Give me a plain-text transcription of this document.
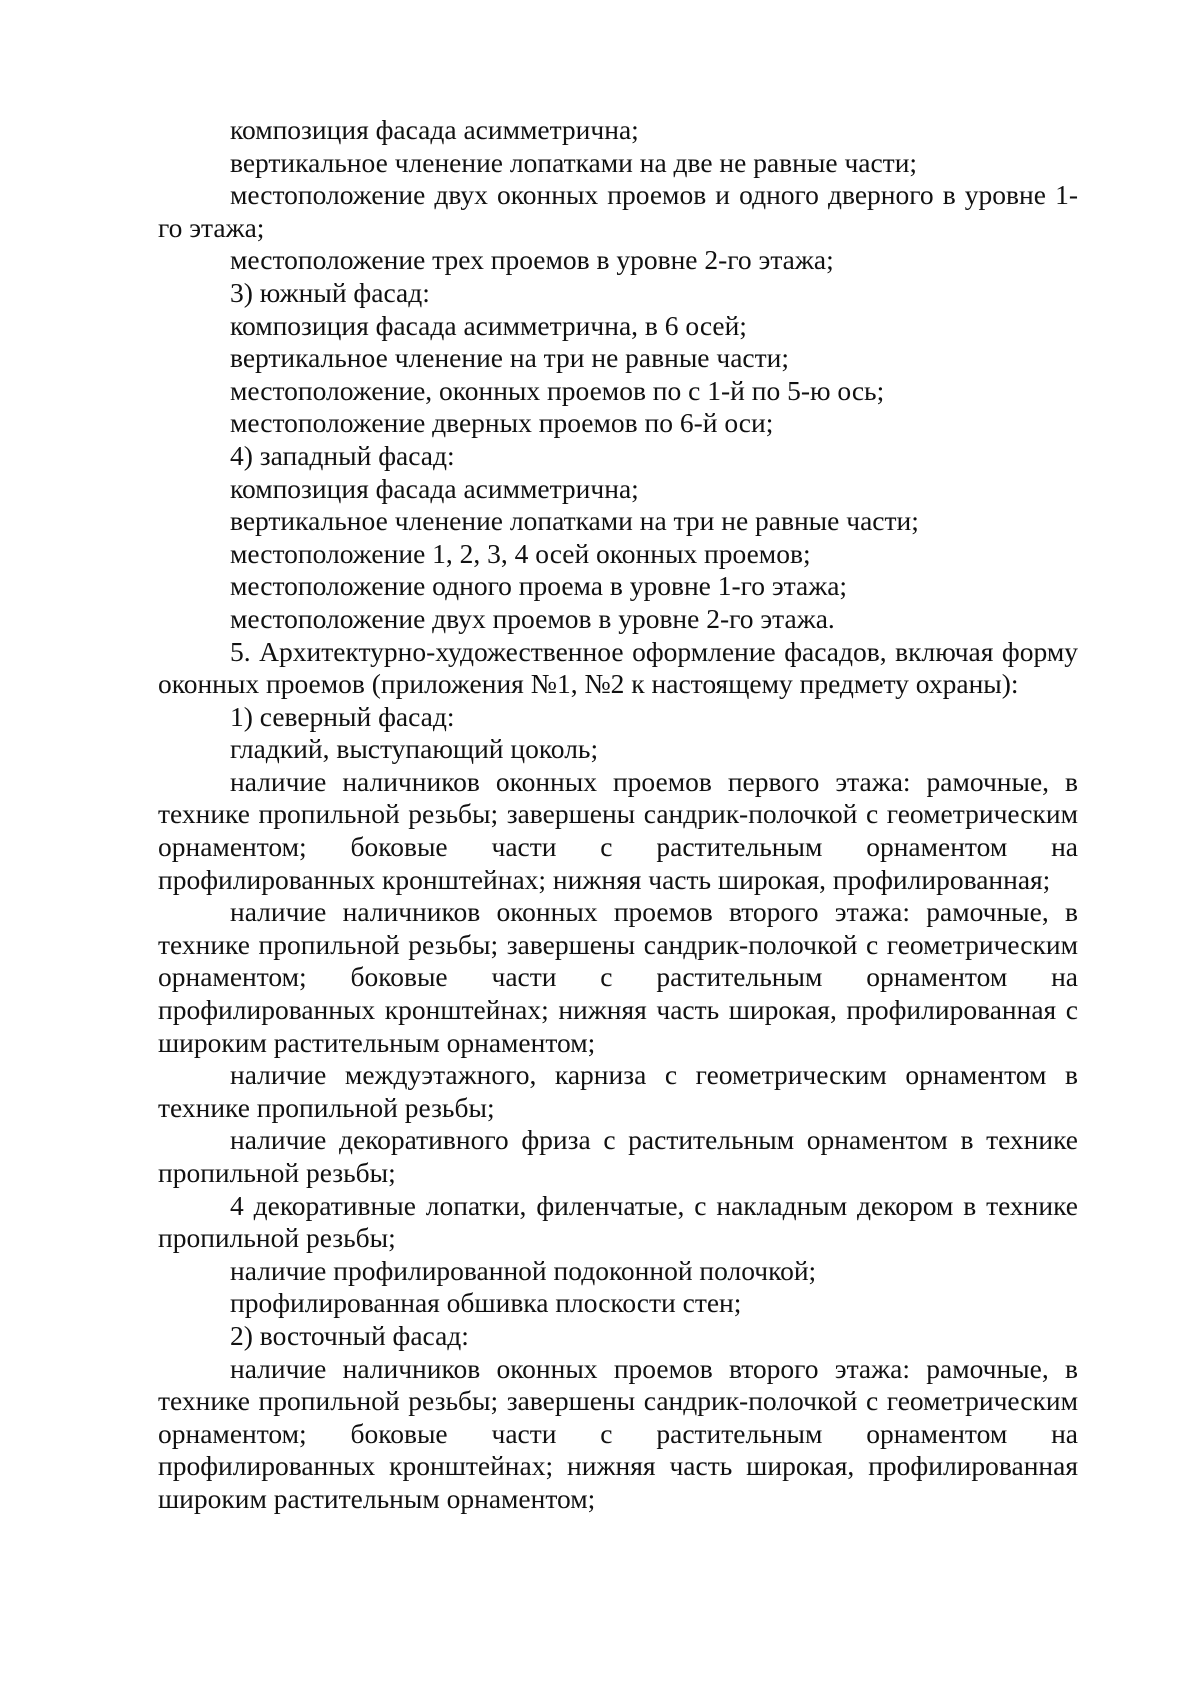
композиция фасада асимметрична;

вертикальное членение лопатками на две не равные части;

местоположение двух оконных проемов и одного дверного в уровне 1-го этажа;

местоположение трех проемов в уровне 2-го этажа;

3) южный фасад:

композиция фасада асимметрична, в 6 осей;

вертикальное членение на три не равные части;

местоположение, оконных проемов по с 1-й по 5-ю ось;

местоположение дверных проемов по 6-й оси;

4) западный фасад:

композиция фасада асимметрична;

вертикальное членение лопатками на три не равные части;

местоположение 1, 2, 3, 4 осей оконных проемов;

местоположение одного проема в уровне 1-го этажа;

местоположение двух проемов в уровне 2-го этажа.

5. Архитектурно-художественное оформление фасадов, включая форму оконных проемов (приложения №1, №2 к настоящему предмету охраны):

1) северный фасад:

гладкий, выступающий цоколь;

наличие наличников оконных проемов первого этажа: рамочные, в технике пропильной резьбы; завершены сандрик-полочкой с геометрическим орнаментом; боковые части с растительным орнаментом на профилированных кронштейнах; нижняя часть широкая, профилированная;

наличие наличников оконных проемов второго этажа: рамочные, в технике пропильной резьбы; завершены сандрик-полочкой с геометрическим орнаментом; боковые части с растительным орнаментом на профилированных кронштейнах; нижняя часть широкая, профилированная с широким растительным орнаментом;

наличие междуэтажного, карниза с геометрическим орнаментом в технике пропильной резьбы;

наличие декоративного фриза с растительным орнаментом в технике пропильной резьбы;

4 декоративные лопатки, филенчатые, с накладным декором в технике пропильной резьбы;

наличие профилированной подоконной полочкой;

профилированная обшивка плоскости стен;

2) восточный фасад:

наличие наличников оконных проемов второго этажа: рамочные, в технике пропильной резьбы; завершены сандрик-полочкой с геометрическим орнаментом; боковые части с растительным орнаментом на профилированных кронштейнах; нижняя часть широкая, профилированная широким растительным орнаментом;
